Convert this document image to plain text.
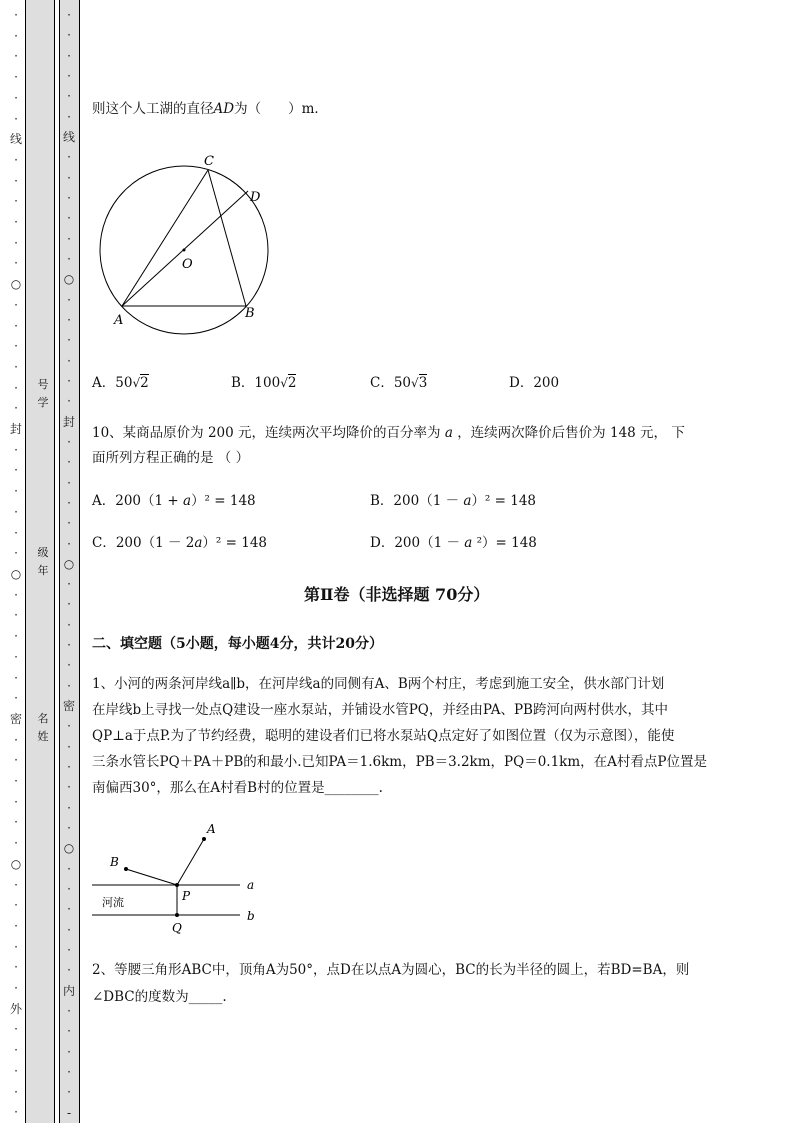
·
·
·
·
·
·
线
·
·
·
·
·
·
○
·
·
·
·
·
·
封
·
·
·
·
·
·
○
·
·
·
·
·
·
密
·
·
·
·
·
·
○
·
·
·
·
·
·
外
·
·
·
·
·
·
·
·
·
·
·
线
·
·
·
·
·
·
○
·
·
·
·
·
·
封
·
·
·
·
·
·
○
·
·
·
·
·
·
密
·
·
·
·
·
·
○
·
·
·
·
·
·
内
·
·
·
·
·
-
号
学
级
年
名
姓
则这个人工湖的直径AD为（　　）m．
C
D
O
A	B
A．50√2	B．100√2	C．50√3	D．200
10、某商品原价为 200 元，连续两次平均降价的百分率为 a ，连续两次降价后售价为 148 元， 下
面所列方程正确的是 （ ）
A．200（1 + a）² = 148	B．200（1 － a）² = 148
C．200（1 － 2a）² = 148	D．200（1 － a ²）= 148
第Ⅱ卷（非选择题 70分）
二、填空题（5小题，每小题4分，共计20分）
1、小河的两条河岸线a∥b，在河岸线a的同侧有A、B两个村庄，考虑到施工安全，供水部门计划
在岸线b上寻找一处点Q建设一座水泵站，并铺设水管PQ，并经由PA、PB跨河向两村供水，其中
QP⊥a于点P.为了节约经费，聪明的建设者们已将水泵站Q点定好了如图位置（仅为示意图），能使
三条水管长PQ＋PA＋PB的和最小.已知PA＝1.6km，PB＝3.2km，PQ＝0.1km，在A村看点P位置是
南偏西30°，那么在A村看B村的位置是________.
A
B
P
Q
a
b
河流
2、等腰三角形ABC中，顶角A为50°，点D在以点A为圆心，BC的长为半径的圆上，若BD=BA，则
∠DBC的度数为_____.
